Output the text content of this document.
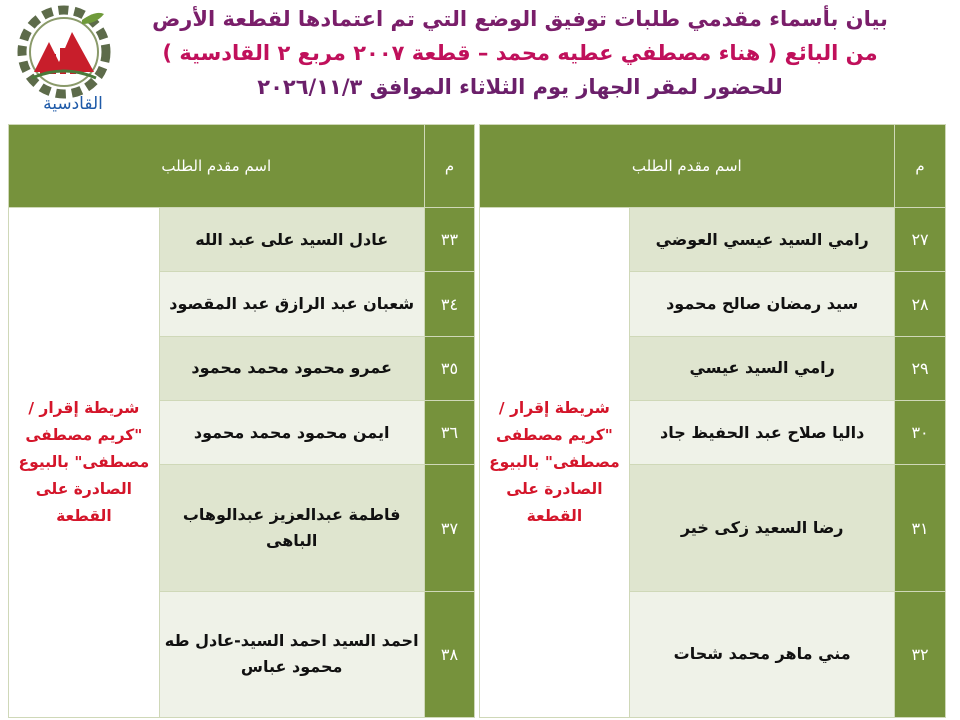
القادسية
بيان بأسماء مقدمي طلبات توفيق الوضع التي تم اعتمادها لقطعة الأرض
من البائع ( هناء مصطفي عطيه محمد – قطعة ٢٠٠٧ مربع ٢ القادسية )
للحضور لمقر الجهاز يوم الثلاثاء الموافق ٢٠٢٦/١١/٣
م	اسم مقدم الطلب			م	اسم مقدم الطلب	
٢٧	رامي السيد عيسي العوضي	شريطة إقرار / "كريم مصطفى مصطفى" بالبيوع الصادرة على القطعة		٣٣	عادل السيد على عبد الله	شريطة إقرار / "كريم مصطفى مصطفى" بالبيوع الصادرة على القطعة
٢٨	سيد رمضان صالح محمود			٣٤	شعبان عبد الرازق عبد المقصود	
٢٩	رامي السيد عيسي			٣٥	عمرو محمود محمد محمود	
٣٠	داليا صلاح عبد الحفيظ جاد			٣٦	ايمن محمود محمد محمود	
٣١	رضا السعيد زكى خير			٣٧	فاطمة عبدالعزيز عبدالوهاب الباهى	
٣٢	مني ماهر محمد شحات			٣٨	احمد السيد احمد السيد-عادل طه محمود عباس	
